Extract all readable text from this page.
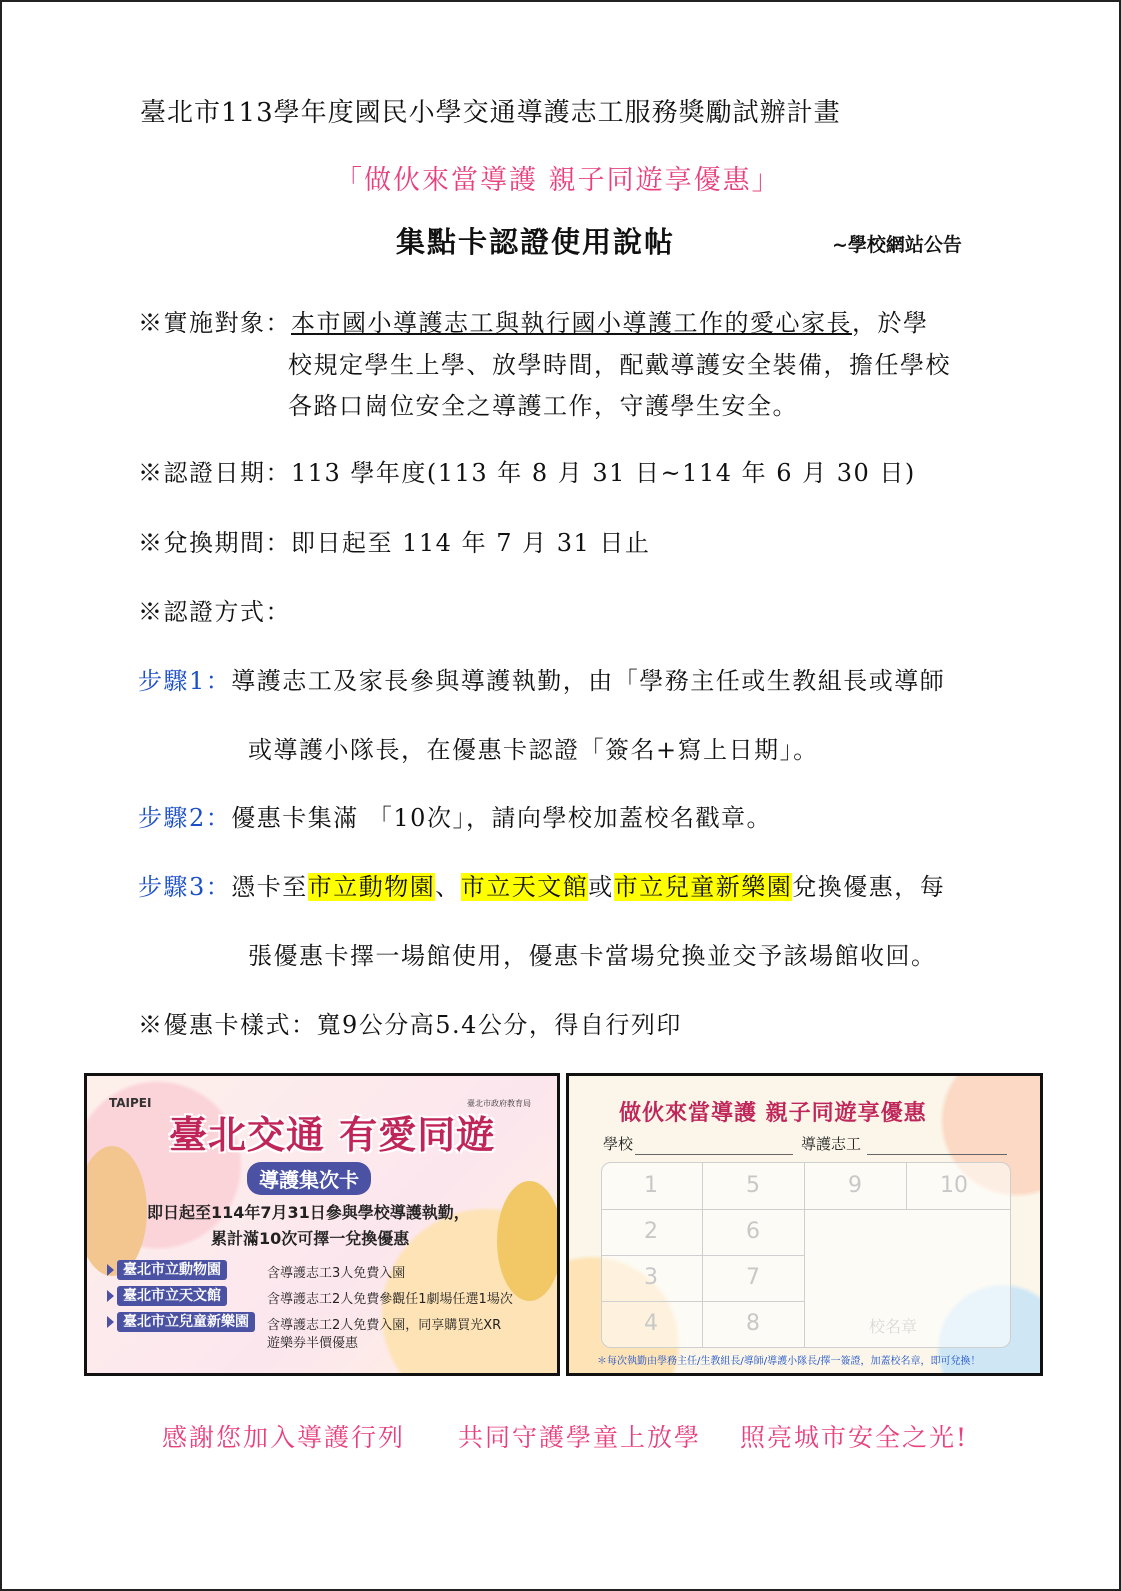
臺北市113學年度國民小學交通導護志工服務獎勵試辦計畫
「做伙來當導護 親子同遊享優惠」
集點卡認證使用說帖	~學校網站公告
※實施對象：本市國小導護志工與執行國小導護工作的愛心家長，於學
校規定學生上學、放學時間，配戴導護安全裝備，擔任學校
各路口崗位安全之導護工作，守護學生安全。
※認證日期：113 學年度(113 年 8 月 31 日~114 年 6 月 30 日)
※兌換期間：即日起至 114 年 7 月 31 日止
※認證方式：
步驟1：導護志工及家長參與導護執勤，由「學務主任或生教組長或導師
或導護小隊長，在優惠卡認證「簽名+寫上日期」。
步驟2：優惠卡集滿 「10次」，請向學校加蓋校名戳章。
步驟3：憑卡至市立動物園、市立天文館或市立兒童新樂園兌換優惠，每
張優惠卡擇一場館使用，優惠卡當場兌換並交予該場館收回。
※優惠卡樣式：寬9公分高5.4公分，得自行列印
TAIPEI	臺北市政府教育局
臺北交通 有愛同遊
導護集次卡
即日起至114年7月31日參與學校導護執勤，
累計滿10次可擇一兌換優惠
臺北市立動物園	含導護志工3人免費入園
臺北市立天文館	含導護志工2人免費參觀任1劇場任選1場次
臺北市立兒童新樂園	含導護志工2人免費入園，同享購買光XR
遊樂券半價優惠
做伙來當導護 親子同遊享優惠
學校	導護志工
1	5	9	10
2	6
3	7
4	8	校名章
＊每次執勤由學務主任/生教組長/導師/導護小隊長/擇一簽證，加蓋校名章，即可兌換！
感謝您加入導護行列 共同守護學童上放學 照亮城市安全之光!
